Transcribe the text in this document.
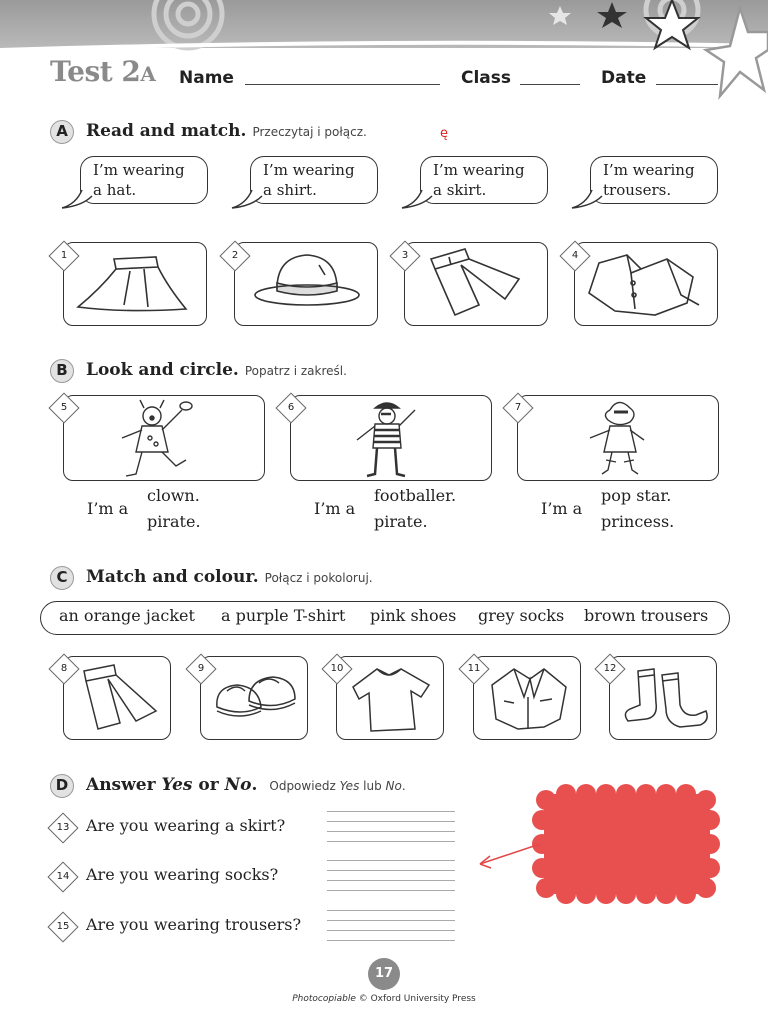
Test 2A Name	Class	Date
A	Read and match. Przeczytaj i połącz.	ę
I’m wearing
a hat.
I’m wearing
a shirt.
I’m wearing
a skirt.
I’m wearing
trousers.
1	2	3	4
B	Look and circle. Popatrz i zakreśl.
5	6	7
I’m a
clown.
pirate.
I’m a
footballer.
pirate.
I’m a
pop star.
princess.
C	Match and colour. Połącz i pokoloruj.
an orange jacket a purple T-shirt pink shoes grey socks brown trousers
8	9	10	11	12
D	Answer Yes or No. Odpowiedz Yes lub No.
13 Are you wearing a skirt?
14 Are you wearing socks?
15 Are you wearing trousers?
17
Photocopiable © Oxford University Press
